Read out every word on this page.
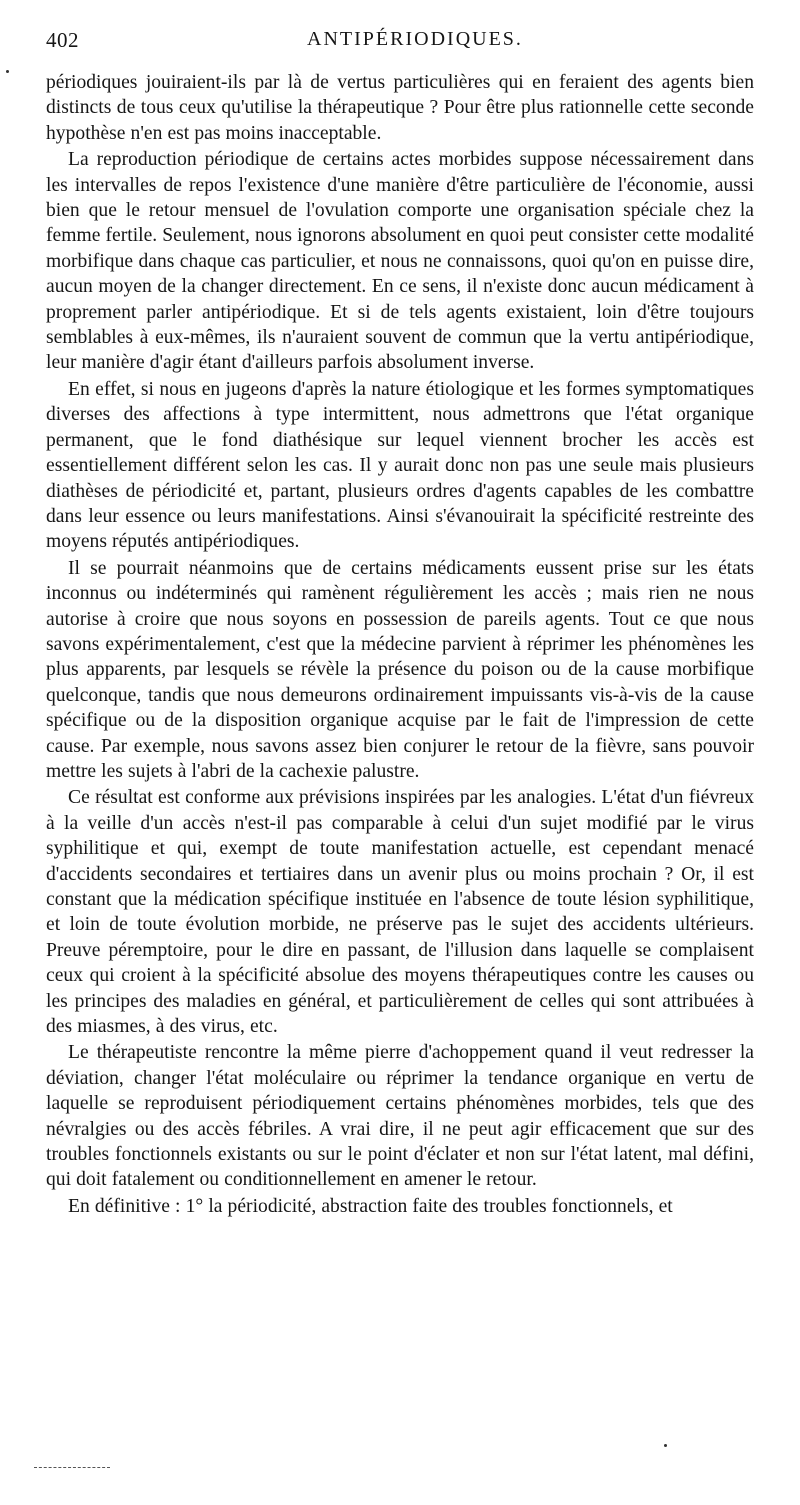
402	ANTIPÉRIODIQUES.

périodiques jouiraient-ils par là de vertus particulières qui en feraient des agents bien distincts de tous ceux qu'utilise la thérapeutique ? Pour être plus rationnelle cette seconde hypothèse n'en est pas moins inacceptable.

La reproduction périodique de certains actes morbides suppose nécessairement dans les intervalles de repos l'existence d'une manière d'être particulière de l'économie, aussi bien que le retour mensuel de l'ovulation comporte une organisation spéciale chez la femme fertile. Seulement, nous ignorons absolument en quoi peut consister cette modalité morbifique dans chaque cas particulier, et nous ne connaissons, quoi qu'on en puisse dire, aucun moyen de la changer directement. En ce sens, il n'existe donc aucun médicament à proprement parler antipériodique. Et si de tels agents existaient, loin d'être toujours semblables à eux-mêmes, ils n'auraient souvent de commun que la vertu antipériodique, leur manière d'agir étant d'ailleurs parfois absolument inverse.

En effet, si nous en jugeons d'après la nature étiologique et les formes symptomatiques diverses des affections à type intermittent, nous admettrons que l'état organique permanent, que le fond diathésique sur lequel viennent brocher les accès est essentiellement différent selon les cas. Il y aurait donc non pas une seule mais plusieurs diathèses de périodicité et, partant, plusieurs ordres d'agents capables de les combattre dans leur essence ou leurs manifestations. Ainsi s'évanouirait la spécificité restreinte des moyens réputés antipériodiques.

Il se pourrait néanmoins que de certains médicaments eussent prise sur les états inconnus ou indéterminés qui ramènent régulièrement les accès ; mais rien ne nous autorise à croire que nous soyons en possession de pareils agents. Tout ce que nous savons expérimentalement, c'est que la médecine parvient à réprimer les phénomènes les plus apparents, par lesquels se révèle la présence du poison ou de la cause morbifique quelconque, tandis que nous demeurons ordinairement impuissants vis-à-vis de la cause spécifique ou de la disposition organique acquise par le fait de l'impression de cette cause. Par exemple, nous savons assez bien conjurer le retour de la fièvre, sans pouvoir mettre les sujets à l'abri de la cachexie palustre.

Ce résultat est conforme aux prévisions inspirées par les analogies. L'état d'un fiévreux à la veille d'un accès n'est-il pas comparable à celui d'un sujet modifié par le virus syphilitique et qui, exempt de toute manifestation actuelle, est cependant menacé d'accidents secondaires et tertiaires dans un avenir plus ou moins prochain ? Or, il est constant que la médication spécifique instituée en l'absence de toute lésion syphilitique, et loin de toute évolution morbide, ne préserve pas le sujet des accidents ultérieurs. Preuve péremptoire, pour le dire en passant, de l'illusion dans laquelle se complaisent ceux qui croient à la spécificité absolue des moyens thérapeutiques contre les causes ou les principes des maladies en général, et particulièrement de celles qui sont attribuées à des miasmes, à des virus, etc.

Le thérapeutiste rencontre la même pierre d'achoppement quand il veut redresser la déviation, changer l'état moléculaire ou réprimer la tendance organique en vertu de laquelle se reproduisent périodiquement certains phénomènes morbides, tels que des névralgies ou des accès fébriles. A vrai dire, il ne peut agir efficacement que sur des troubles fonctionnels existants ou sur le point d'éclater et non sur l'état latent, mal défini, qui doit fatalement ou conditionnellement en amener le retour.

En définitive : 1° la périodicité, abstraction faite des troubles fonctionnels, et
